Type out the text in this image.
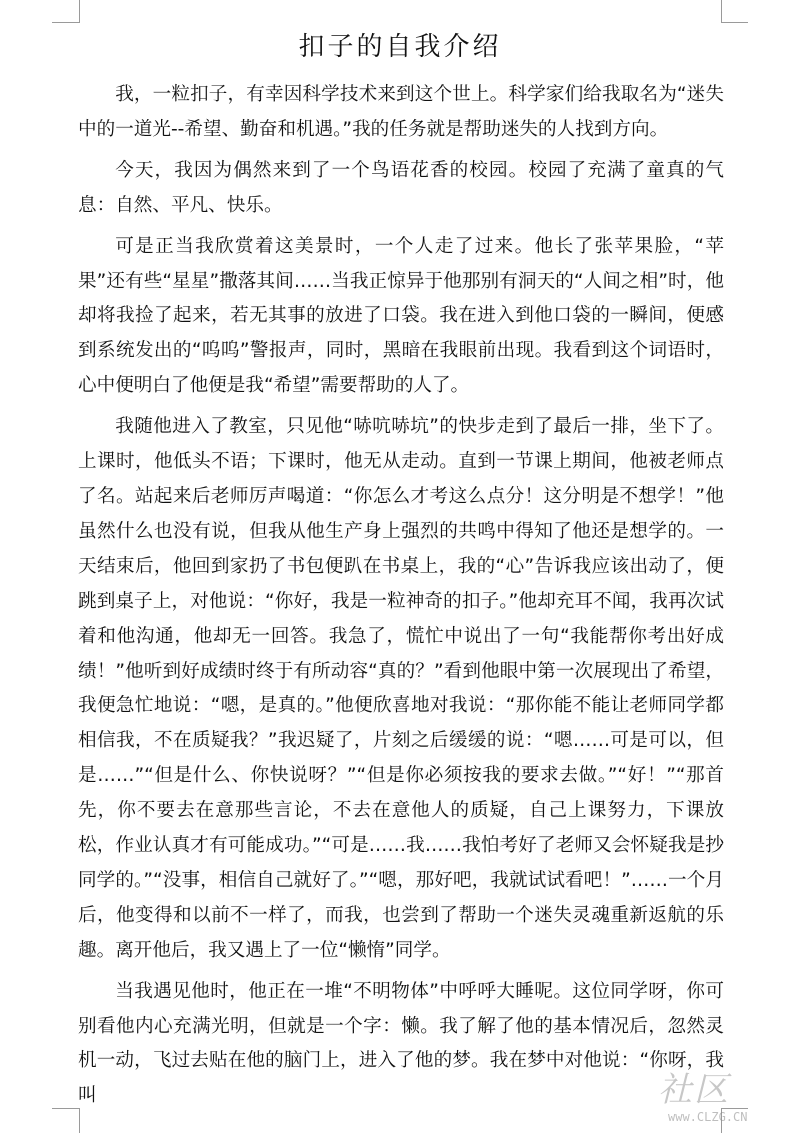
扣子的自我介绍

我，一粒扣子，有幸因科学技术来到这个世上。科学家们给我取名为“迷失中的一道光--希望、勤奋和机遇。”我的任务就是帮助迷失的人找到方向。

今天，我因为偶然来到了一个鸟语花香的校园。校园了充满了童真的气息：自然、平凡、快乐。

可是正当我欣赏着这美景时，一个人走了过来。他长了张苹果脸，“苹果”还有些“星星”撒落其间……当我正惊异于他那别有洞天的“人间之相”时，他却将我捡了起来，若无其事的放进了口袋。我在进入到他口袋的一瞬间，便感到系统发出的“呜呜”警报声，同时，黑暗在我眼前出现。我看到这个词语时，心中便明白了他便是我“希望”需要帮助的人了。

我随他进入了教室，只见他“哧吭哧坑”的快步走到了最后一排，坐下了。上课时，他低头不语；下课时，他无从走动。直到一节课上期间，他被老师点了名。站起来后老师厉声喝道：“你怎么才考这么点分！这分明是不想学！”他虽然什么也没有说，但我从他生产身上强烈的共鸣中得知了他还是想学的。一天结束后，他回到家扔了书包便趴在书桌上，我的“心”告诉我应该出动了，便跳到桌子上，对他说：“你好，我是一粒神奇的扣子。”他却充耳不闻，我再次试着和他沟通，他却无一回答。我急了，慌忙中说出了一句“我能帮你考出好成绩！”他听到好成绩时终于有所动容“真的？”看到他眼中第一次展现出了希望，我便急忙地说：“嗯，是真的。”他便欣喜地对我说：“那你能不能让老师同学都相信我，不在质疑我？”我迟疑了，片刻之后缓缓的说：“嗯……可是可以，但是……”“但是什么、你快说呀？”“但是你必须按我的要求去做。”“好！”“那首先，你不要去在意那些言论，不去在意他人的质疑，自己上课努力，下课放松，作业认真才有可能成功。”“可是……我……我怕考好了老师又会怀疑我是抄同学的。”“没事，相信自己就好了。”“嗯，那好吧，我就试试看吧！”……一个月后，他变得和以前不一样了，而我，也尝到了帮助一个迷失灵魂重新返航的乐趣。离开他后，我又遇上了一位“懒惰”同学。

当我遇见他时，他正在一堆“不明物体”中呼呼大睡呢。这位同学呀，你可别看他内心充满光明，但就是一个字：懒。我了解了他的基本情况后，忽然灵机一动，飞过去贴在他的脑门上，进入了他的梦。我在梦中对他说：“你呀，我叫	社区
www.CLZG.CN
